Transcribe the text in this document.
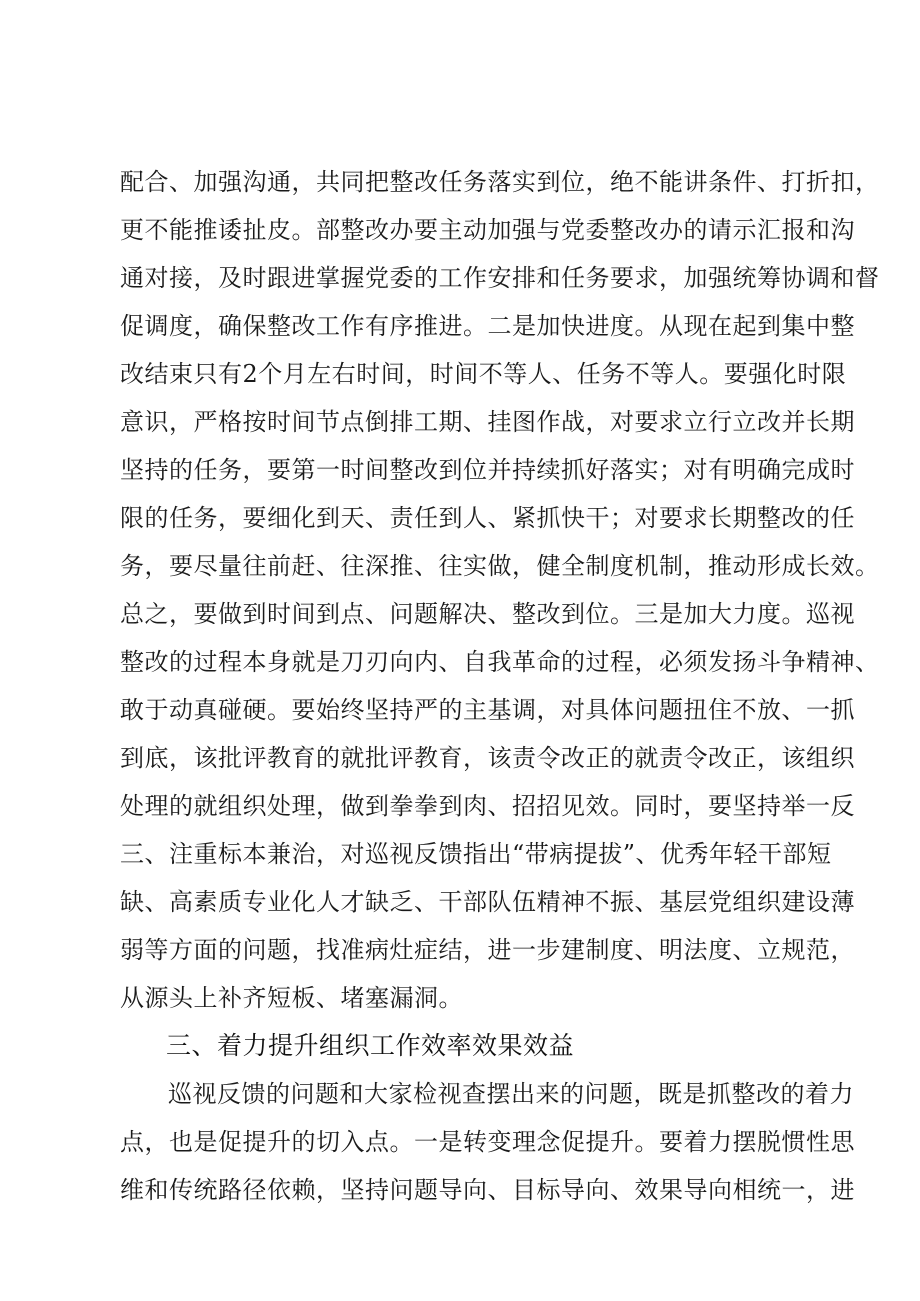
配合、加强沟通，共同把整改任务落实到位，绝不能讲条件、打折扣，
更不能推诿扯皮。部整改办要主动加强与党委整改办的请示汇报和沟
通对接，及时跟进掌握党委的工作安排和任务要求，加强统筹协调和督
促调度，确保整改工作有序推进。二是加快进度。从现在起到集中整
改结束只有2个月左右时间，时间不等人、任务不等人。要强化时限
意识，严格按时间节点倒排工期、挂图作战，对要求立行立改并长期
坚持的任务，要第一时间整改到位并持续抓好落实；对有明确完成时
限的任务，要细化到天、责任到人、紧抓快干；对要求长期整改的任
务，要尽量往前赶、往深推、往实做，健全制度机制，推动形成长效。
总之，要做到时间到点、问题解决、整改到位。三是加大力度。巡视
整改的过程本身就是刀刃向内、自我革命的过程，必须发扬斗争精神、
敢于动真碰硬。要始终坚持严的主基调，对具体问题扭住不放、一抓
到底，该批评教育的就批评教育，该责令改正的就责令改正，该组织
处理的就组织处理，做到拳拳到肉、招招见效。同时，要坚持举一反
三、注重标本兼治，对巡视反馈指出“带病提拔”、优秀年轻干部短
缺、高素质专业化人才缺乏、干部队伍精神不振、基层党组织建设薄
弱等方面的问题，找准病灶症结，进一步建制度、明法度、立规范，
从源头上补齐短板、堵塞漏洞。
三、着力提升组织工作效率效果效益
巡视反馈的问题和大家检视查摆出来的问题，既是抓整改的着力
点，也是促提升的切入点。一是转变理念促提升。要着力摆脱惯性思
维和传统路径依赖，坚持问题导向、目标导向、效果导向相统一，进
